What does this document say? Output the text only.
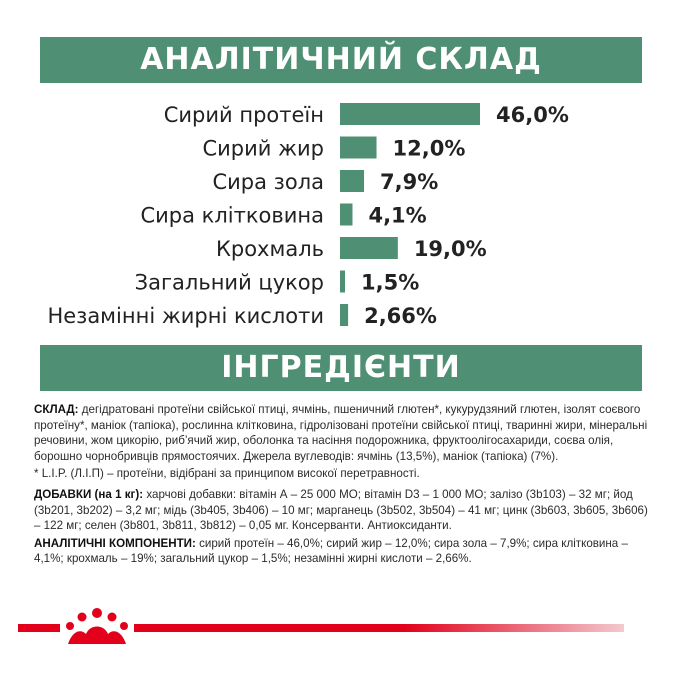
АНАЛІТИЧНИЙ СКЛАД
Сирий протеїн	46,0%
Сирий жир	12,0%
Сира зола	7,9%
Сира клітковина 4,1%
Крохмаль	19,0%
Загальний цукор 1,5%
Незамінні жирні кислоти 2,66%
ІНГРЕДІЄНТИ

СКЛАД: дегідратовані протеїни свійської птиці, ячмінь, пшеничний глютен*, кукурудзяний глютен, ізолят соєвого протеїну*, маніок (тапіока), рослинна клітковина, гідролізовані протеїни свійської птиці, тваринні жири, мінеральні речовини, жом цикорію, риб’ячий жир, оболонка та насіння подорожника, фруктоолігосахариди, соєва олія, борошно чорнобривців прямостоячих. Джерела вуглеводів: ячмінь (13,5%), маніок (тапіока) (7%).

* L.I.P. (Л.І.П) – протеїни, відібрані за принципом високої перетравності.

ДОБАВКИ (на 1 кг): харчові добавки: вітамін А – 25 000 МО; вітамін D3 – 1 000 МО; залізо (3b103) – 32 мг; йод (3b201, 3b202) – 3,2 мг; мідь (3b405, 3b406) – 10 мг; марганець (3b502, 3b504) – 41 мг; цинк (3b603, 3b605, 3b606) – 122 мг; селен (3b801, 3b811, 3b812) – 0,05 мг. Консерванти. Антиоксиданти.

АНАЛІТИЧНІ КОМПОНЕНТИ: сирий протеїн – 46,0%; сирий жир – 12,0%; сира зола – 7,9%; сира клітковина – 4,1%; крохмаль – 19%; загальний цукор – 1,5%; незамінні жирні кислоти – 2,66%.
